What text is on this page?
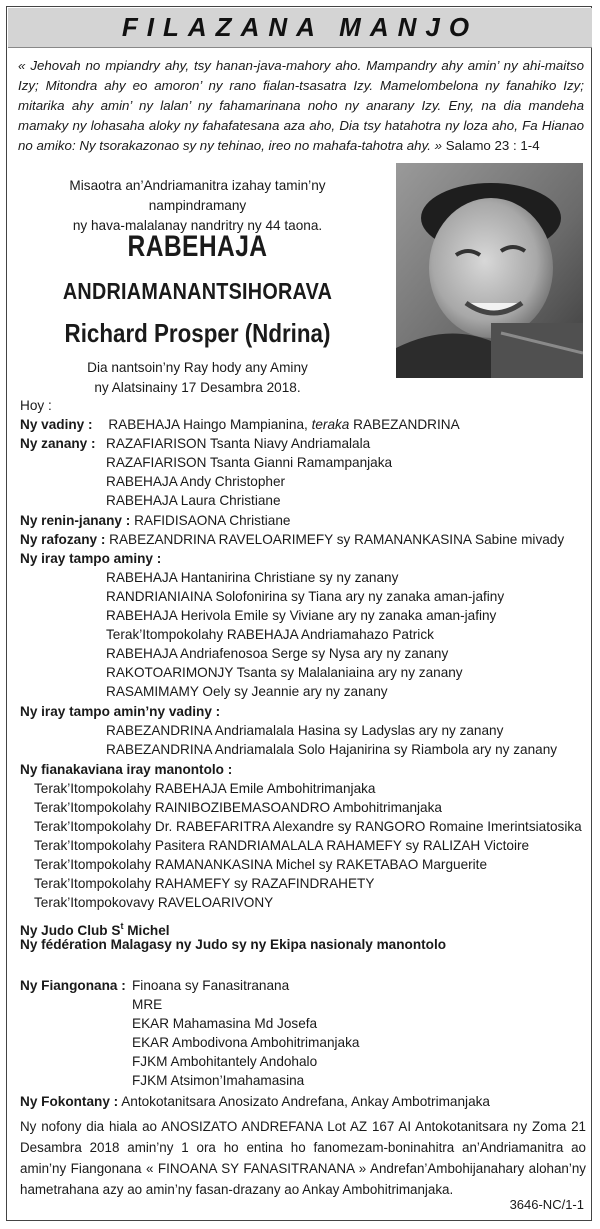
FILAZANA MANJO
« Jehovah no mpiandry ahy, tsy hanan-java-mahory aho. Mampandry ahy amin’ ny ahi-maitso Izy; Mitondra ahy eo amoron’ ny rano fialan-tsasatra Izy. Mamelombelona ny fanahiko Izy; mitarika ahy amin’ ny lalan’ ny fahamarinana noho ny anarany Izy. Eny, na dia mandeha mamaky ny lohasaha aloky ny fahafatesana aza aho, Dia tsy hatahotra ny loza aho, Fa Hianao no amiko: Ny tsorakazonao sy ny tehinao, ireo no mahafa-tahotra ahy. » Salamo 23 : 1-4
Misaotra an’Andriamanitra izahay tamin’ny nampindramany
ny hava-malalanay nandritry ny 44 taona.
RABEHAJA
ANDRIAMANANTSIHORAVA
Richard Prosper (Ndrina)
Dia nantsoin’ny Ray hody any Aminy
ny Alatsinainy 17 Desambra 2018.
Hoy :
Ny vadiny : RABEHAJA Haingo Mampianina, teraka RABEZANDRINA
Ny zanany : RAZAFIARISON Tsanta Niavy Andriamalala
RAZAFIARISON Tsanta Gianni Ramampanjaka
RABEHAJA Andy Christopher
RABEHAJA Laura Christiane
Ny renin-janany : RAFIDISAONA Christiane
Ny rafozany : RABEZANDRINA RAVELOARIMEFY sy RAMANANKASINA Sabine mivady
Ny iray tampo aminy :
RABEHAJA Hantanirina Christiane sy ny zanany
RANDRIANIAINA Solofonirina sy Tiana ary ny zanaka aman-jafiny
RABEHAJA Herivola Emile sy Viviane ary ny zanaka aman-jafiny
Terak’Itompokolahy RABEHAJA Andriamahazo Patrick
RABEHAJA Andriafenosoa Serge sy Nysa ary ny zanany
RAKOTOARIMONJY Tsanta sy Malalaniaina ary ny zanany
RASAMIMAMY Oely sy Jeannie ary ny zanany
Ny iray tampo amin’ny vadiny :
RABEZANDRINA Andriamalala Hasina sy Ladyslas ary ny zanany
RABEZANDRINA Andriamalala Solo Hajanirina sy Riambola ary ny zanany
Ny fianakaviana iray manontolo :
Terak’Itompokolahy RABEHAJA Emile Ambohitrimanjaka
Terak’Itompokolahy RAINIBOZIBEMASOANDRO Ambohitrimanjaka
Terak’Itompokolahy Dr. RABEFARITRA Alexandre sy RANGORO Romaine Imerintsiatosika
Terak’Itompokolahy Pasitera RANDRIAMALALA RAHAMEFY sy RALIZAH Victoire
Terak’Itompokolahy RAMANANKASINA Michel sy RAKETABAO Marguerite
Terak’Itompokolahy RAHAMEFY sy RAZAFINDRAHETY
Terak’Itompokovavy RAVELOARIVONY
Ny Judo Club $S^t$ Michel
Ny fédération Malagasy ny Judo sy ny Ekipa nasionaly manontolo
Ny Fiangonana : Finoana sy Fanasitranana
MRE
EKAR Mahamasina Md Josefa
EKAR Ambodivona Ambohitrimanjaka
FJKM Ambohitantely Andohalo
FJKM Atsimon’Imahamasina
Ny Fokontany : Antokotanitsara Anosizato Andrefana, Ankay Ambotrimanjaka
Ny nofony dia hiala ao ANOSIZATO ANDREFANA Lot AZ 167 AI Antokotanitsara ny Zoma 21 Desambra 2018 amin’ny 1 ora ho entina ho fanomezam-boninahitra an’Andriamanitra ao amin’ny Fiangonana « FINOANA SY FANASITRANANA » Andrefan’Ambohijanahary alohan’ny hametrahana azy ao amin’ny fasan-drazany ao Ankay Ambohitrimanjaka.
3646-NC/1-1
